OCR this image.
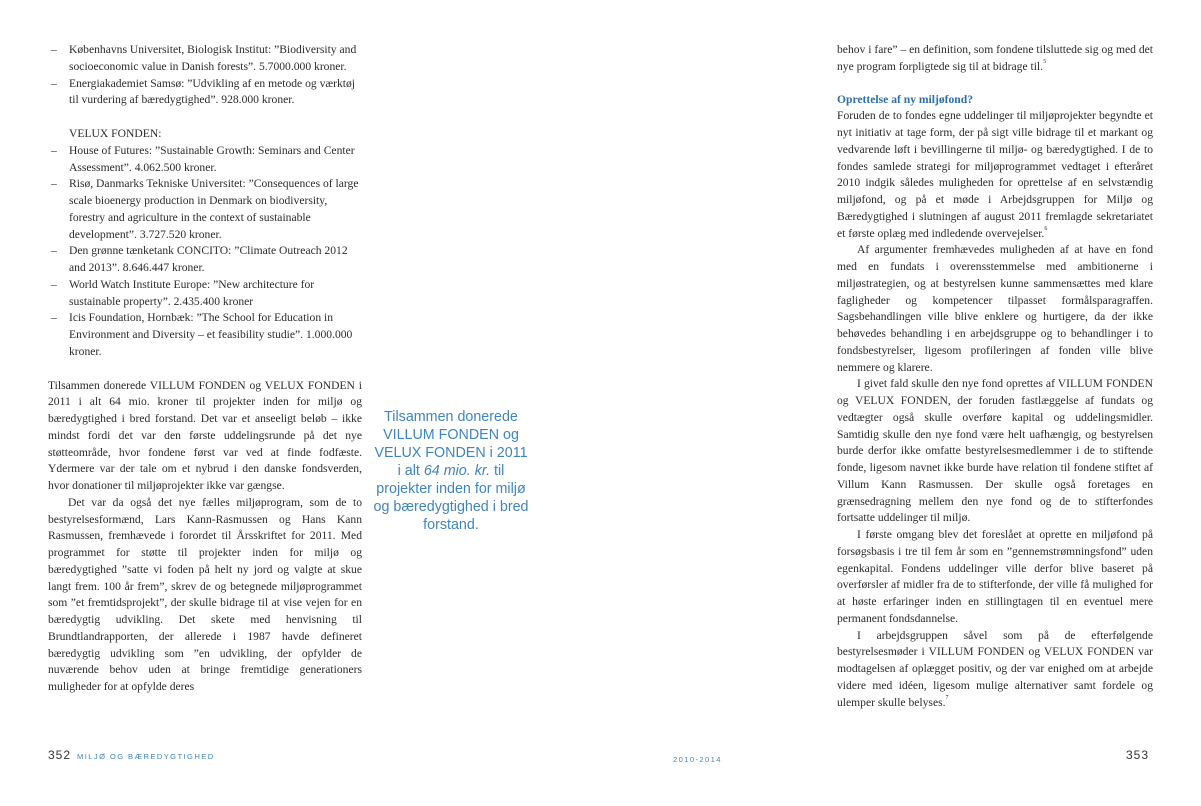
– Københavns Universitet, Biologisk Institut: ”Biodiversity and socioeconomic value in Danish forests”. 5.7000.000 kroner.
– Energiakademiet Samsø: ”Udvikling af en metode og værktøj til vurdering af bæredygtighed”. 928.000 kroner.
VELUX FONDEN:
– House of Futures: ”Sustainable Growth: Seminars and Center Assessment”. 4.062.500 kroner.
– Risø, Danmarks Tekniske Universitet: ”Consequences of large scale bioenergy production in Denmark on biodiversity, forestry and agriculture in the context of sustainable development”. 3.727.520 kroner.
– Den grønne tænketank CONCITO: ”Climate Outreach 2012 and 2013”. 8.646.447 kroner.
– World Watch Institute Europe: ”New architecture for sustainable property”. 2.435.400 kroner
– Icis Foundation, Hornbæk: ”The School for Education in Environment and Diversity – et feasibility studie”. 1.000.000 kroner.

Tilsammen donerede VILLUM FONDEN og VELUX FONDEN i 2011 i alt 64 mio. kroner til projekter inden for miljø og bæredygtighed i bred forstand. Det var et anseeligt beløb – ikke mindst fordi det var den første uddelingsrunde på det nye støtteområde, hvor fondene først var ved at finde fodfæste. Ydermere var der tale om et nybrud i den danske fondsverden, hvor donationer til miljøprojekter ikke var gængse.

Det var da også det nye fælles miljøprogram, som de to bestyrelsesformænd, Lars Kann-Rasmussen og Hans Kann Rasmussen, fremhævede i forordet til Årsskriftet for 2011. Med programmet for støtte til projekter inden for miljø og bæredygtighed ”satte vi foden på helt ny jord og valgte at skue langt frem. 100 år frem”, skrev de og betegnede miljøprogrammet som ”et fremtidsprojekt”, der skulle bidrage til at vise vejen for en bæredygtig udvikling. Det skete med henvisning til Brundtlandrapporten, der allerede i 1987 havde defineret bæredygtig udvikling som ”en udvikling, der opfylder de nuværende behov uden at bringe fremtidige generationers muligheder for at opfylde deres

Tilsammen donerede VILLUM FONDEN og VELUX FONDEN i 2011 i alt 64 mio. kr. til projekter inden for miljø og bæredygtighed i bred forstand.

behov i fare” – en definition, som fondene tilsluttede sig og med det nye program forpligtede sig til at bidrage til.$^5$

Oprettelse af ny miljøfond?

Foruden de to fondes egne uddelinger til miljøprojekter begyndte et nyt initiativ at tage form, der på sigt ville bidrage til et markant og vedvarende løft i bevillingerne til miljø- og bæredygtighed. I de to fondes samlede strategi for miljøprogrammet vedtaget i efteråret 2010 indgik således muligheden for oprettelse af en selvstændig miljøfond, og på et møde i Arbejdsgruppen for Miljø og Bæredygtighed i slutningen af august 2011 fremlagde sekretariatet et første oplæg med indledende overvejelser.$^6$

Af argumenter fremhævedes muligheden af at have en fond med en fundats i overensstemmelse med ambitionerne i miljøstrategien, og at bestyrelsen kunne sammensættes med klare fagligheder og kompetencer tilpasset formålsparagraffen. Sagsbehandlingen ville blive enklere og hurtigere, da der ikke behøvedes behandling i en arbejdsgruppe og to behandlinger i to fondsbestyrelser, ligesom profileringen af fonden ville blive nemmere og klarere.

I givet fald skulle den nye fond oprettes af VILLUM FONDEN og VELUX FONDEN, der foruden fastlæggelse af fundats og vedtægter også skulle overføre kapital og uddelingsmidler. Samtidig skulle den nye fond være helt uafhængig, og bestyrelsen burde derfor ikke omfatte bestyrelsesmedlemmer i de to stiftende fonde, ligesom navnet ikke burde have relation til fondene stiftet af Villum Kann Rasmussen. Der skulle også foretages en grænsedragning mellem den nye fond og de to stifterfondes fortsatte uddelinger til miljø.

I første omgang blev det foreslået at oprette en miljøfond på forsøgsbasis i tre til fem år som en ”gennemstrømningsfond” uden egenkapital. Fondens uddelinger ville derfor blive baseret på overførsler af midler fra de to stifterfonde, der ville få mulighed for at høste erfaringer inden en stillingtagen til en eventuel mere permanent fondsdannelse.

I arbejdsgruppen såvel som på de efterfølgende bestyrelsesmøder i VILLUM FONDEN og VELUX FONDEN var modtagelsen af oplægget positiv, og der var enighed om at arbejde videre med idéen, ligesom mulige alternativer samt fordele og ulemper skulle belyses.$^7$

352 MILJØ OG BÆREDYGTIGHED	2010-2014	353
